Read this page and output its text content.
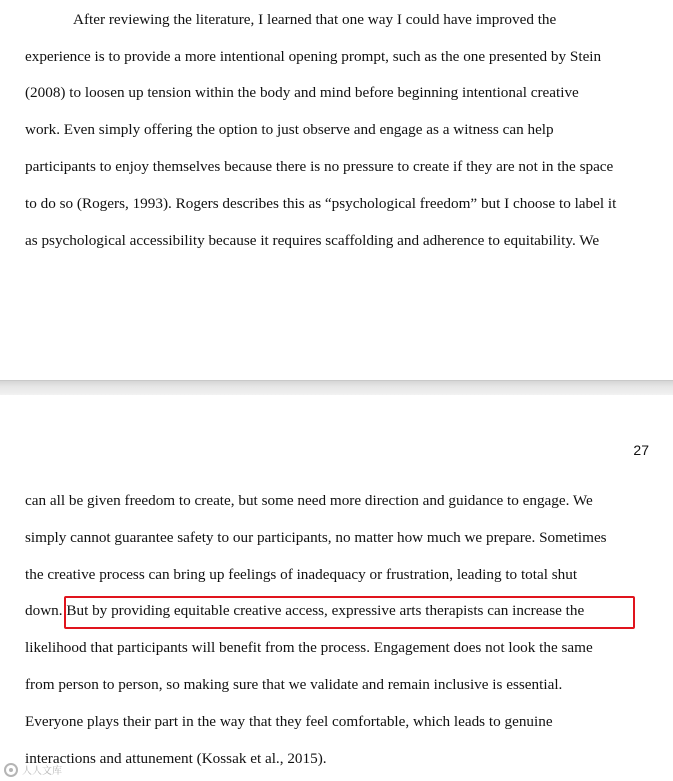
After reviewing the literature, I learned that one way I could have improved the
experience is to provide a more intentional opening prompt, such as the one presented by Stein
(2008) to loosen up tension within the body and mind before beginning intentional creative
work. Even simply offering the option to just observe and engage as a witness can help
participants to enjoy themselves because there is no pressure to create if they are not in the space
to do so (Rogers, 1993). Rogers describes this as “psychological freedom” but I choose to label it
as psychological accessibility because it requires scaffolding and adherence to equitability. We
27
can all be given freedom to create, but some need more direction and guidance to engage. We
simply cannot guarantee safety to our participants, no matter how much we prepare. Sometimes
the creative process can bring up feelings of inadequacy or frustration, leading to total shut
down. But by providing equitable creative access, expressive arts therapists can increase the
likelihood that participants will benefit from the process. Engagement does not look the same
from person to person, so making sure that we validate and remain inclusive is essential.
Everyone plays their part in the way that they feel comfortable, which leads to genuine
interactions and attunement (Kossak et al., 2015).
人人文库
